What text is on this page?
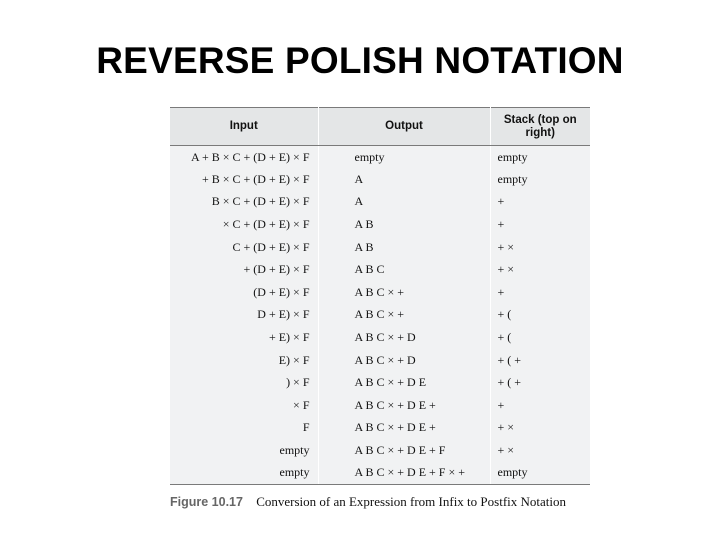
REVERSE POLISH NOTATION
Input	Output	Stack (top on right)
A + B × C + (D + E) × F	empty	empty
+ B × C + (D + E) × F	A	empty
B × C + (D + E) × F	A	+
× C + (D + E) × F	A B	+
C + (D + E) × F	A B	+ ×
+ (D + E) × F	A B C	+ ×
(D + E) × F	A B C × +	+
D + E) × F	A B C × +	+ (
+ E) × F	A B C × + D	+ (
E) × F	A B C × + D	+ ( +
) × F	A B C × + D E	+ ( +
× F	A B C × + D E +	+
F	A B C × + D E +	+ ×
empty	A B C × + D E + F	+ ×
empty	A B C × + D E + F × +	empty
Figure 10.17 Conversion of an Expression from Infix to Postfix Notation
